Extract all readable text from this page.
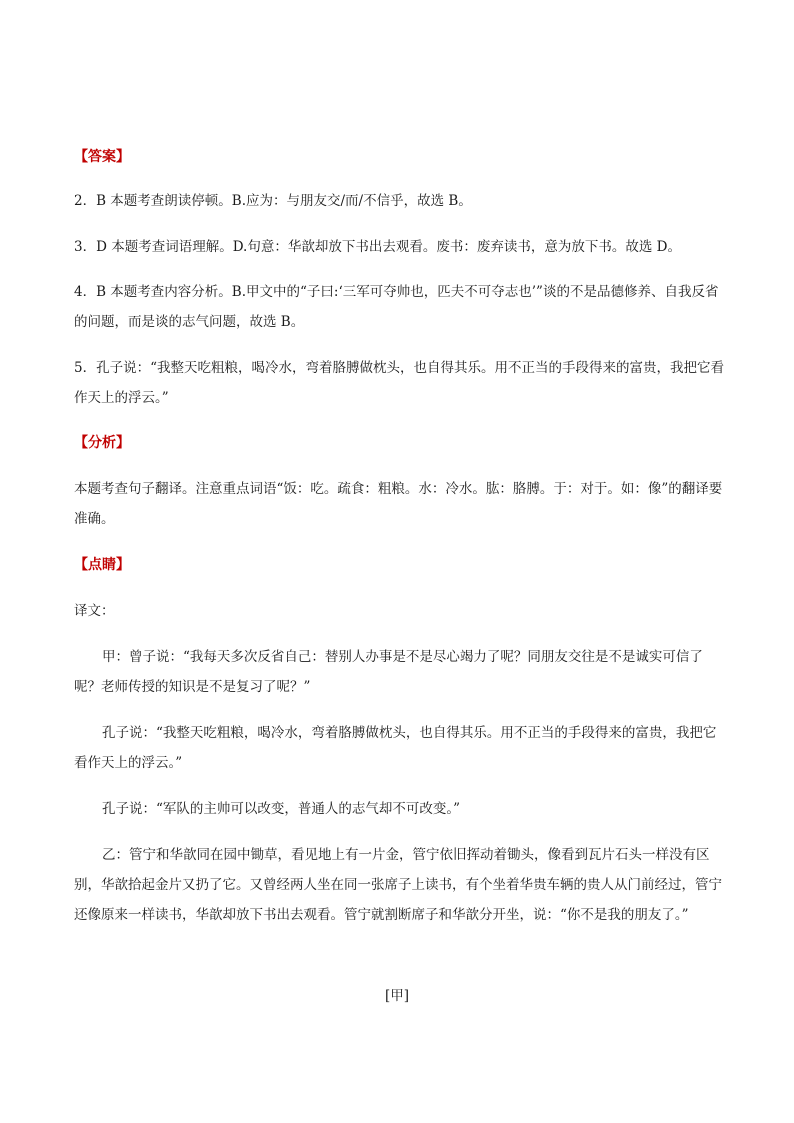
【答案】

2．B 本题考查朗读停顿。B.应为：与朋友交/而/不信乎，故选 B。

3．D 本题考查词语理解。D.句意：华歆却放下书出去观看。废书：废弃读书，意为放下书。故选 D。

4．B 本题考查内容分析。B.甲文中的“子曰:‘三军可夺帅也，匹夫不可夺志也’”谈的不是品德修养、自我反省的问题，而是谈的志气问题，故选 B。

5．孔子说：“我整天吃粗粮，喝冷水，弯着胳膊做枕头，也自得其乐。用不正当的手段得来的富贵，我把它看作天上的浮云。”

【分析】

本题考查句子翻译。注意重点词语“饭：吃。疏食：粗粮。水：冷水。肱：胳膊。于：对于。如：像”的翻译要准确。

【点睛】

译文：

甲：曾子说：“我每天多次反省自己：替别人办事是不是尽心竭力了呢？同朋友交往是不是诚实可信了呢？老师传授的知识是不是复习了呢？”

孔子说：“我整天吃粗粮，喝冷水，弯着胳膊做枕头，也自得其乐。用不正当的手段得来的富贵，我把它看作天上的浮云。”

孔子说：“军队的主帅可以改变，普通人的志气却不可改变。”

乙：管宁和华歆同在园中锄草，看见地上有一片金，管宁依旧挥动着锄头，像看到瓦片石头一样没有区别，华歆拾起金片又扔了它。又曾经两人坐在同一张席子上读书，有个坐着华贵车辆的贵人从门前经过，管宁还像原来一样读书，华歆却放下书出去观看。管宁就割断席子和华歆分开坐，说：“你不是我的朋友了。”

[甲]
